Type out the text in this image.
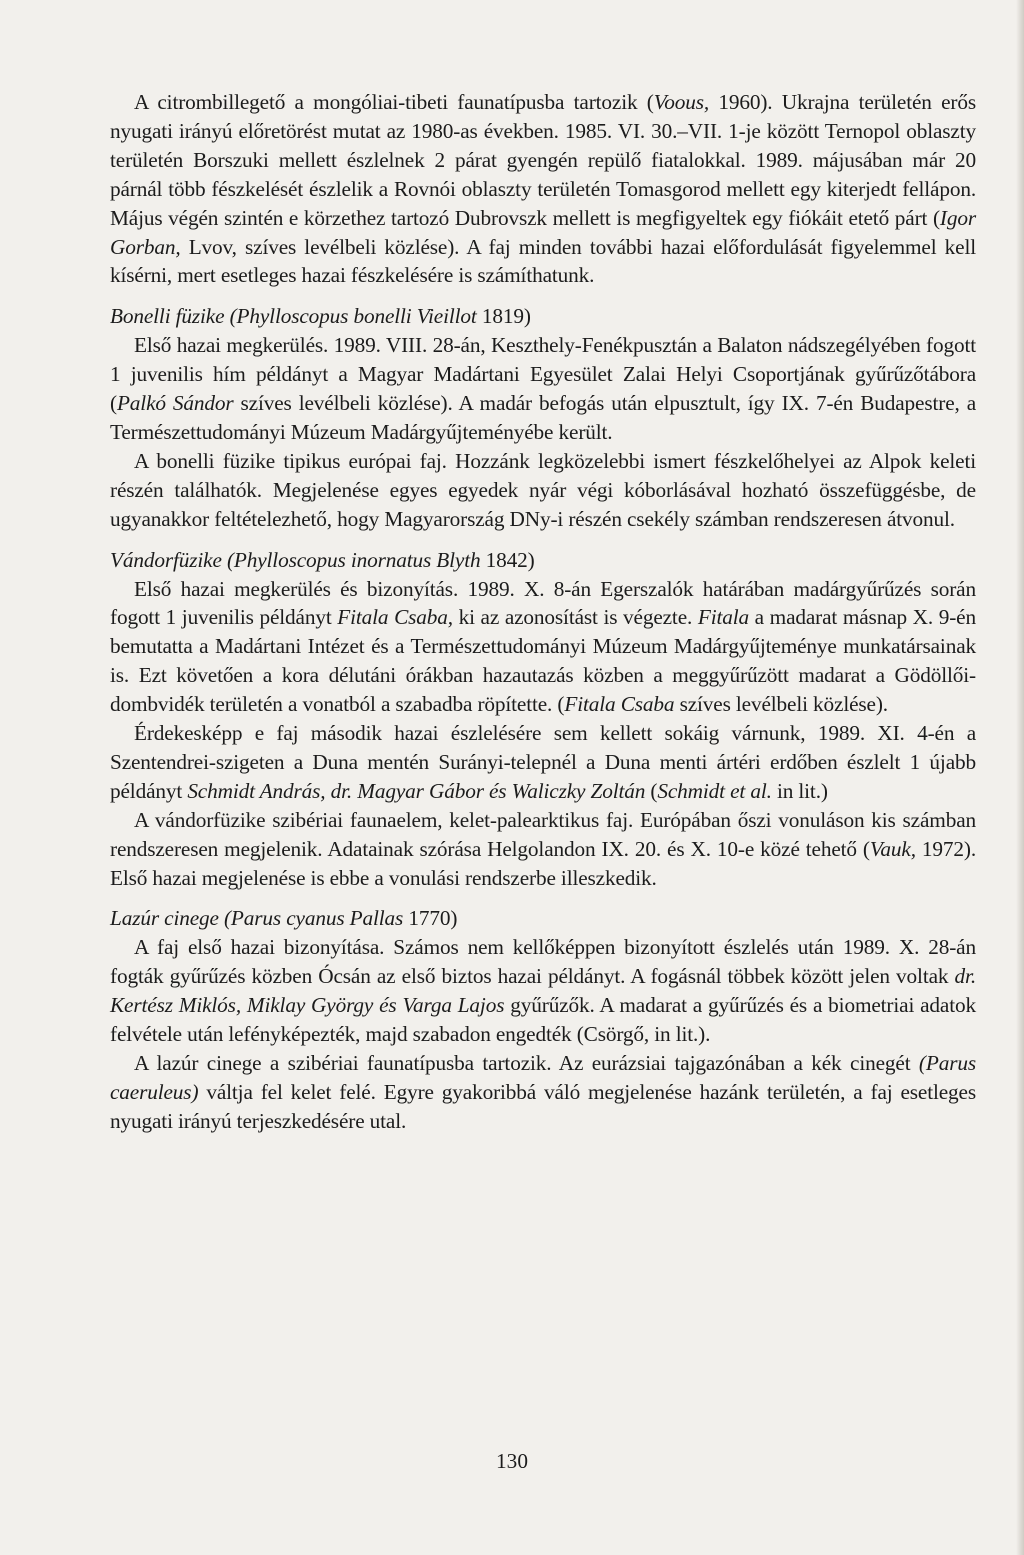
A citrombillegető a mongóliai-tibeti faunatípusba tartozik (Voous, 1960). Ukrajna területén erős nyugati irányú előretörést mutat az 1980-as években. 1985. VI. 30.–VII. 1-je között Ternopol oblaszty területén Borszuki mellett észlelnek 2 párat gyengén repülő fiatalokkal. 1989. májusában már 20 párnál több fészkelését észlelik a Rovnói oblaszty területén Tomasgorod mellett egy kiterjedt fellápon. Május végén szintén e körzethez tartozó Dubrovszk mellett is megfigyeltek egy fiókáit etető párt (Igor Gorban, Lvov, szíves levélbeli közlése). A faj minden további hazai előfordulását figyelemmel kell kísérni, mert esetleges hazai fészkelésére is számíthatunk.

Bonelli füzike (Phylloscopus bonelli Vieillot 1819)

Első hazai megkerülés. 1989. VIII. 28-án, Keszthely-Fenékpusztán a Balaton nádszegélyében fogott 1 juvenilis hím példányt a Magyar Madártani Egyesület Zalai Helyi Csoportjának gyűrűzőtábora (Palkó Sándor szíves levélbeli közlése). A madár befogás után elpusztult, így IX. 7-én Budapestre, a Természettudományi Múzeum Madárgyűjteményébe került.

A bonelli füzike tipikus európai faj. Hozzánk legközelebbi ismert fészkelőhelyei az Alpok keleti részén találhatók. Megjelenése egyes egyedek nyár végi kóborlásával hozható összefüggésbe, de ugyanakkor feltételezhető, hogy Magyarország DNy-i részén csekély számban rendszeresen átvonul.

Vándorfüzike (Phylloscopus inornatus Blyth 1842)

Első hazai megkerülés és bizonyítás. 1989. X. 8-án Egerszalók határában madárgyűrűzés során fogott 1 juvenilis példányt Fitala Csaba, ki az azonosítást is végezte. Fitala a madarat másnap X. 9-én bemutatta a Madártani Intézet és a Természettudományi Múzeum Madárgyűjteménye munkatársainak is. Ezt követően a kora délutáni órákban hazautazás közben a meggyűrűzött madarat a Gödöllői-dombvidék területén a vonatból a szabadba röpítette. (Fitala Csaba szíves levélbeli közlése).

Érdekesképp e faj második hazai észlelésére sem kellett sokáig várnunk, 1989. XI. 4-én a Szentendrei-szigeten a Duna mentén Surányi-telepnél a Duna menti ártéri erdőben észlelt 1 újabb példányt Schmidt András, dr. Magyar Gábor és Waliczky Zoltán (Schmidt et al. in lit.)

A vándorfüzike szibériai faunaelem, kelet-palearktikus faj. Európában őszi vonuláson kis számban rendszeresen megjelenik. Adatainak szórása Helgolandon IX. 20. és X. 10-e közé tehető (Vauk, 1972). Első hazai megjelenése is ebbe a vonulási rendszerbe illeszkedik.

Lazúr cinege (Parus cyanus Pallas 1770)

A faj első hazai bizonyítása. Számos nem kellőképpen bizonyított észlelés után 1989. X. 28-án fogták gyűrűzés közben Ócsán az első biztos hazai példányt. A fogásnál többek között jelen voltak dr. Kertész Miklós, Miklay György és Varga Lajos gyűrűzők. A madarat a gyűrűzés és a biometriai adatok felvétele után lefényképezték, majd szabadon engedték (Csörgő, in lit.).

A lazúr cinege a szibériai faunatípusba tartozik. Az eurázsiai tajgazónában a kék cinegét (Parus caeruleus) váltja fel kelet felé. Egyre gyakoribbá váló megjelenése hazánk területén, a faj esetleges nyugati irányú terjeszkedésére utal.

130
